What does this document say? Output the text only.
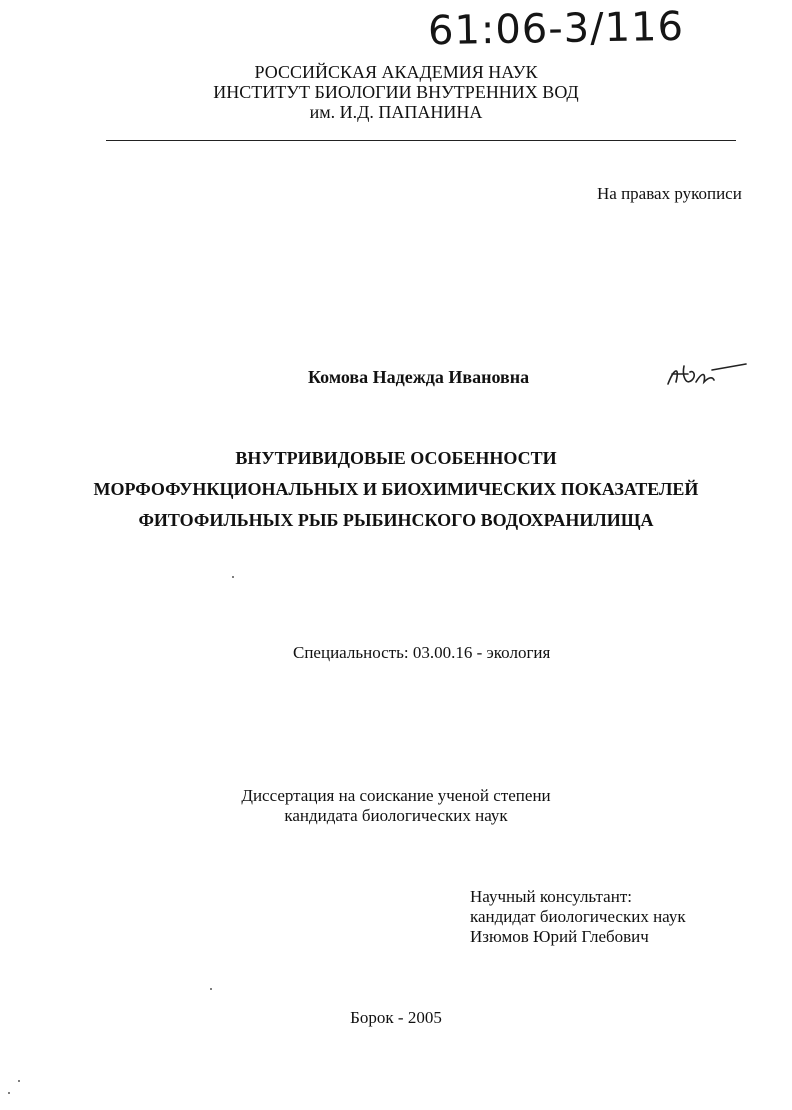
61:06-3/116
РОССИЙСКАЯ АКАДЕМИЯ НАУК
ИНСТИТУТ БИОЛОГИИ ВНУТРЕННИХ ВОД
им. И.Д. ПАПАНИНА
На правах рукописи
Комова Надежда Ивановна
ВНУТРИВИДОВЫЕ ОСОБЕННОСТИ
МОРФОФУНКЦИОНАЛЬНЫХ И БИОХИМИЧЕСКИХ ПОКАЗАТЕЛЕЙ
ФИТОФИЛЬНЫХ РЫБ РЫБИНСКОГО ВОДОХРАНИЛИЩА
Специальность: 03.00.16 - экология
Диссертация на соискание ученой степени
кандидата биологических наук
Научный консультант:
кандидат биологических наук
Изюмов Юрий Глебович
Борок - 2005
